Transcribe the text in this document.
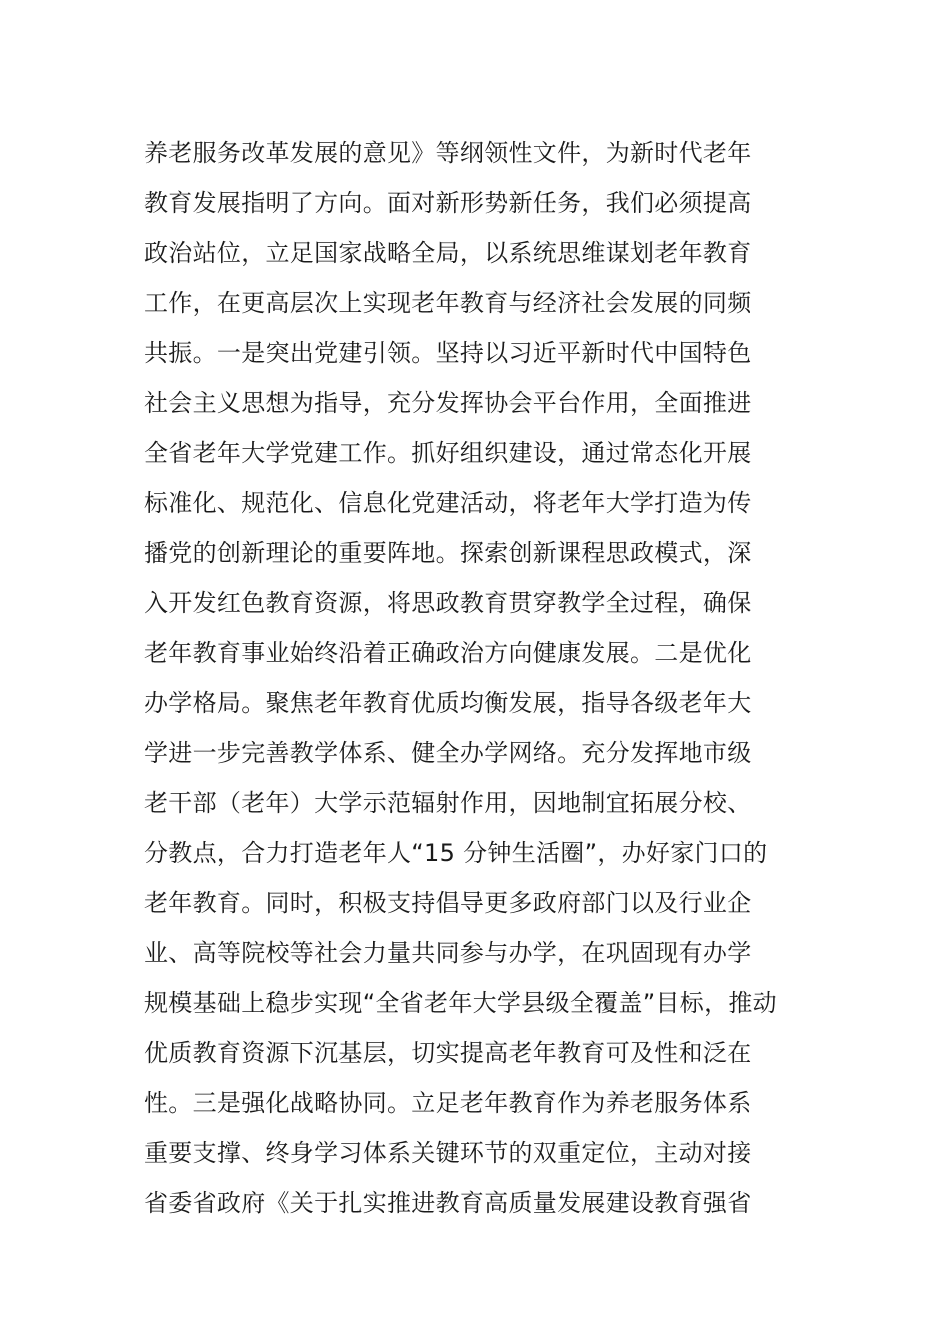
养老服务改革发展的意见》等纲领性文件，为新时代老年
教育发展指明了方向。面对新形势新任务，我们必须提高
政治站位，立足国家战略全局，以系统思维谋划老年教育
工作，在更高层次上实现老年教育与经济社会发展的同频
共振。一是突出党建引领。坚持以习近平新时代中国特色
社会主义思想为指导，充分发挥协会平台作用，全面推进
全省老年大学党建工作。抓好组织建设，通过常态化开展
标准化、规范化、信息化党建活动，将老年大学打造为传
播党的创新理论的重要阵地。探索创新课程思政模式，深
入开发红色教育资源，将思政教育贯穿教学全过程，确保
老年教育事业始终沿着正确政治方向健康发展。二是优化
办学格局。聚焦老年教育优质均衡发展，指导各级老年大
学进一步完善教学体系、健全办学网络。充分发挥地市级
老干部（老年）大学示范辐射作用，因地制宜拓展分校、
分教点，合力打造老年人“15 分钟生活圈”，办好家门口的
老年教育。同时，积极支持倡导更多政府部门以及行业企
业、高等院校等社会力量共同参与办学，在巩固现有办学
规模基础上稳步实现“全省老年大学县级全覆盖”目标，推动
优质教育资源下沉基层，切实提高老年教育可及性和泛在
性。三是强化战略协同。立足老年教育作为养老服务体系
重要支撑、终身学习体系关键环节的双重定位，主动对接
省委省政府《关于扎实推进教育高质量发展建设教育强省
